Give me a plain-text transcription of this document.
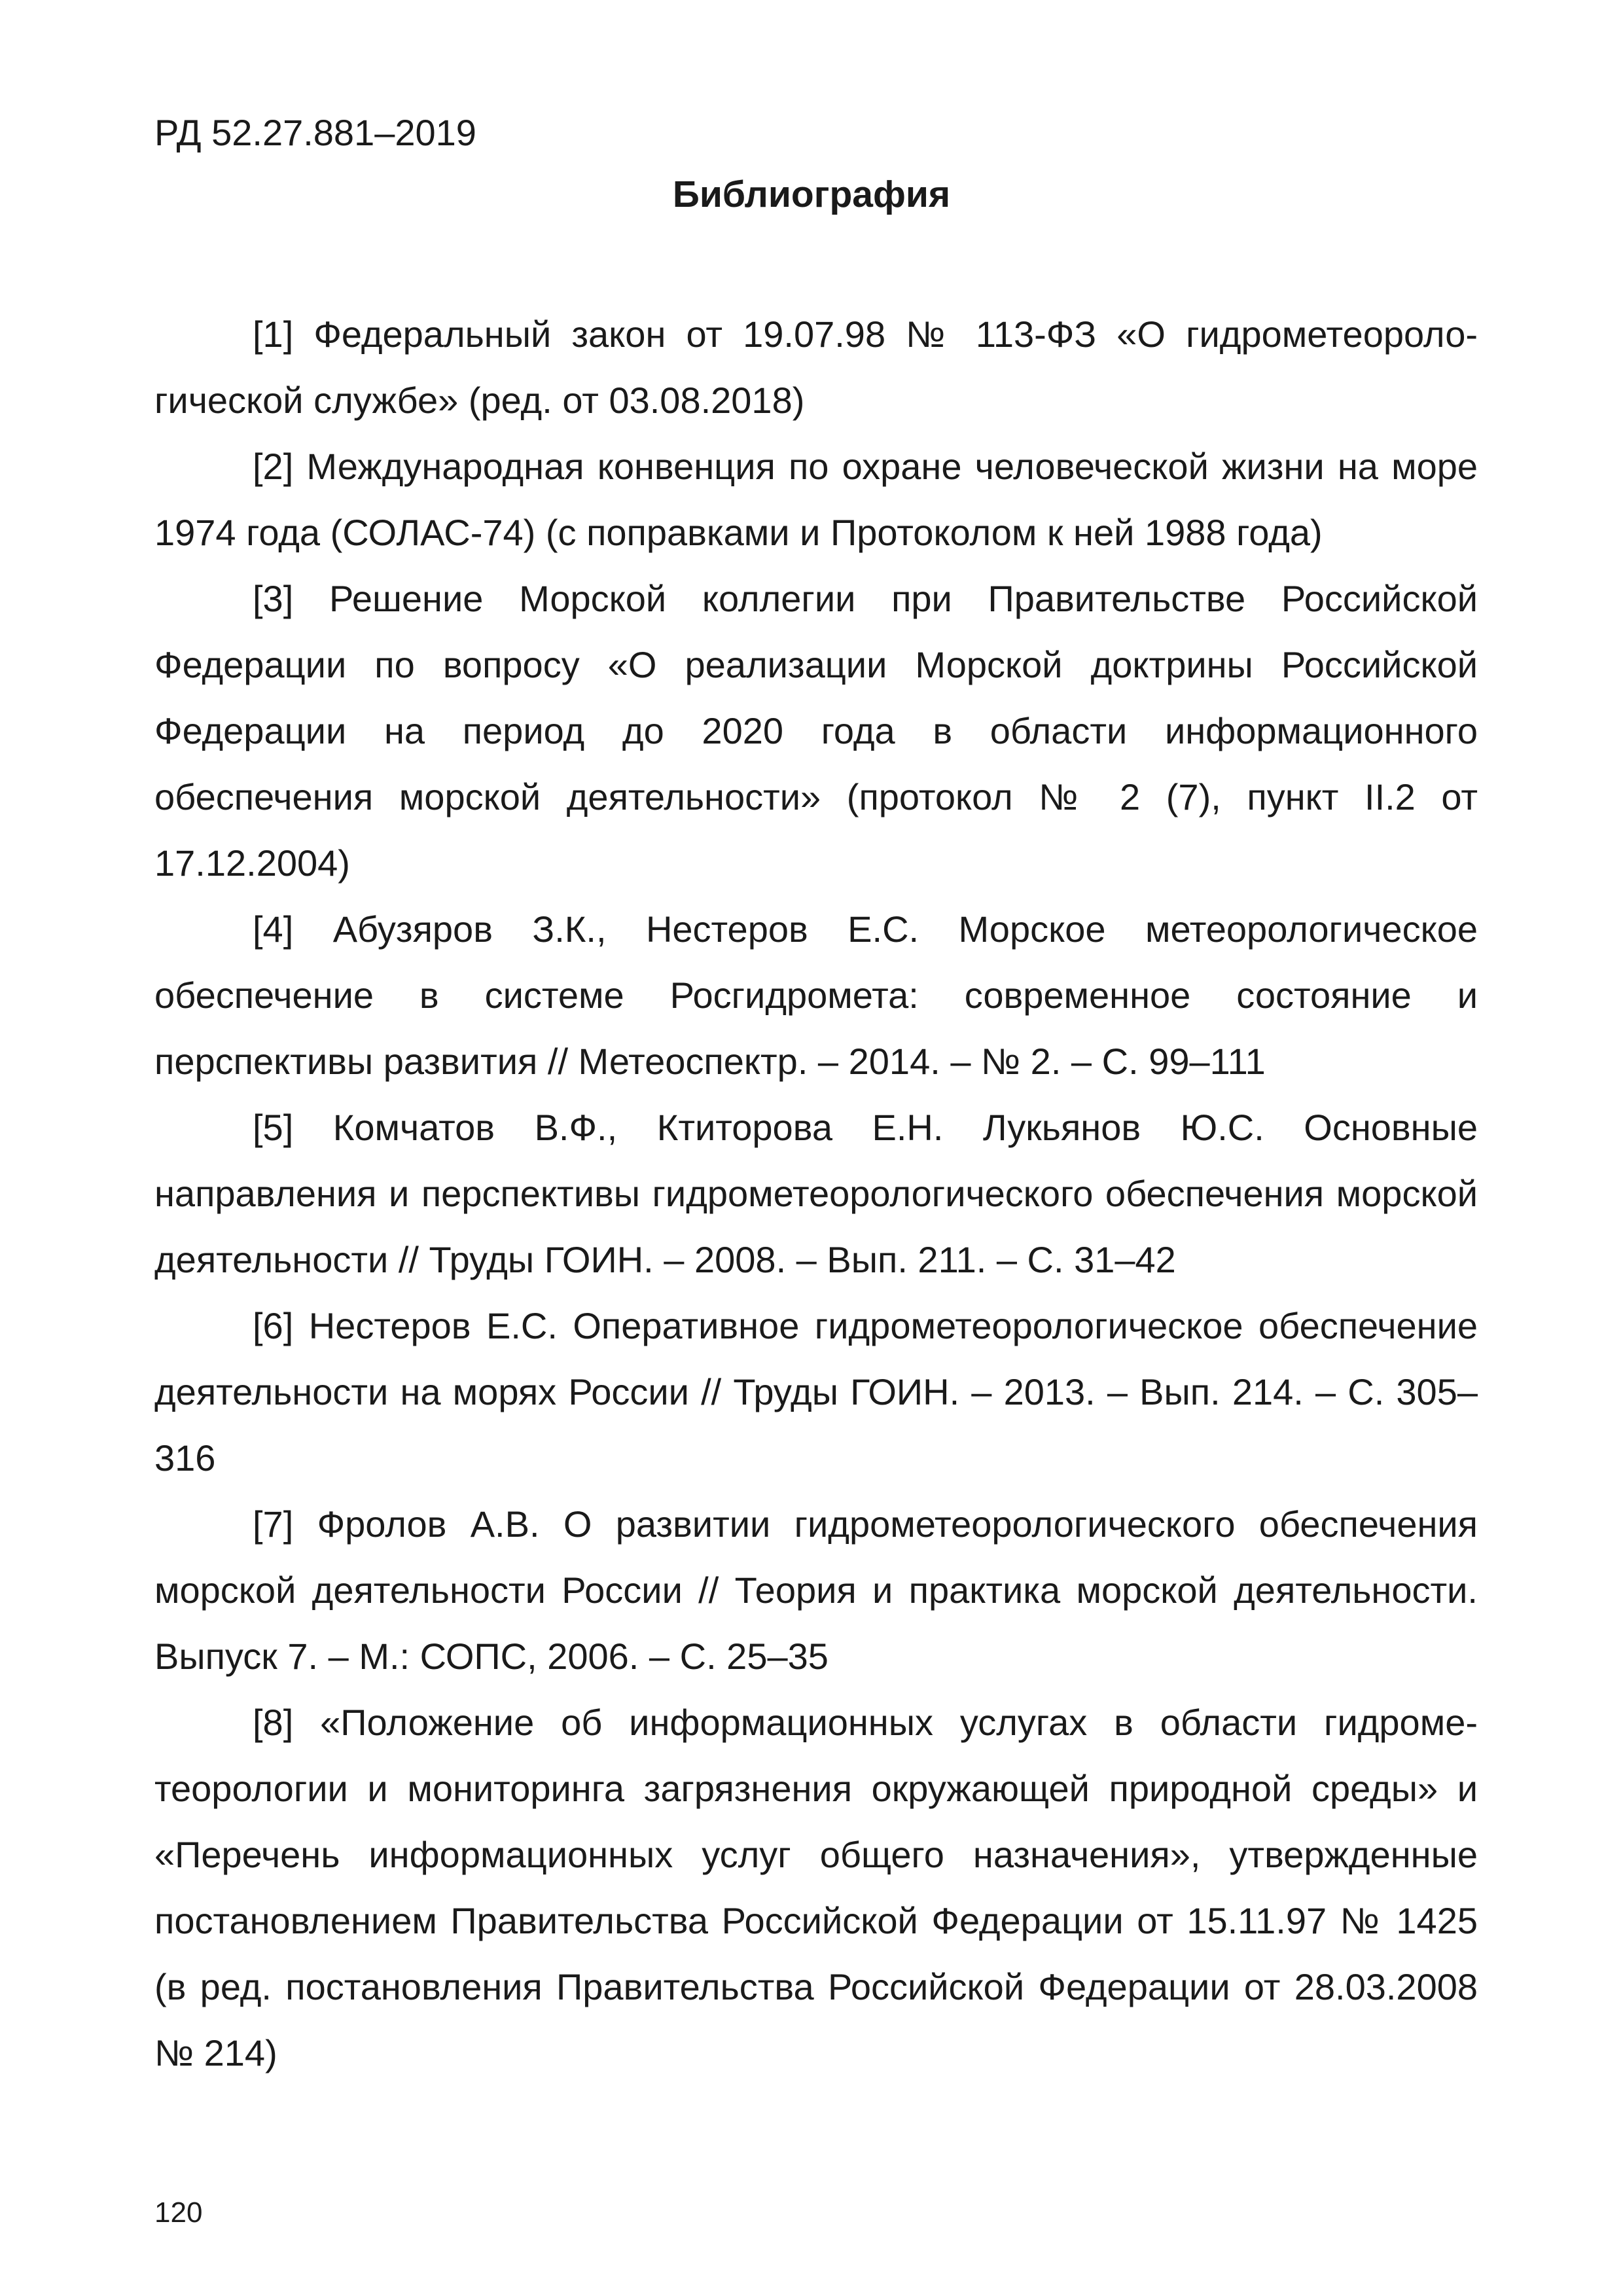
РД 52.27.881–2019
Библиография

[1] Федеральный закон от 19.07.98 № 113-ФЗ «О гидрометеорологической службе» (ред. от 03.08.2018)

[2] Международная конвенция по охране человеческой жизни на море 1974 года (СОЛАС-74) (с поправками и Протоколом к ней 1988 года)

[3] Решение Морской коллегии при Правительстве Российской Федерации по вопросу «О реализации Морской доктрины Российской Федерации на период до 2020 года в области информационного обеспечения морской деятельности» (протокол № 2 (7), пункт II.2 от 17.12.2004)

[4] Абузяров З.К., Нестеров Е.С. Морское метеорологическое обеспечение в системе Росгидромета: современное состояние и перспективы развития // Метеоспектр. – 2014. – № 2. – С. 99–111

[5] Комчатов В.Ф., Ктиторова Е.Н. Лукьянов Ю.С. Основные направления и перспективы гидрометеорологического обеспечения морской деятельности // Труды ГОИН. – 2008. – Вып. 211. – С. 31–42

[6] Нестеров Е.С. Оперативное гидрометеорологическое обеспечение деятельности на морях России // Труды ГОИН. – 2013. – Вып. 214. – С. 305–316

[7] Фролов А.В. О развитии гидрометеорологического обеспечения морской деятельности России // Теория и практика морской деятельности. Выпуск 7. – М.: СОПС, 2006. – С. 25–35

[8] «Положение об информационных услугах в области гидрометеорологии и мониторинга загрязнения окружающей природной среды» и «Перечень информационных услуг общего назначения», утвержденные постановлением Правительства Российской Федерации от 15.11.97 № 1425 (в ред. постановления Правительства Российской Федерации от 28.03.2008 № 214)

120
